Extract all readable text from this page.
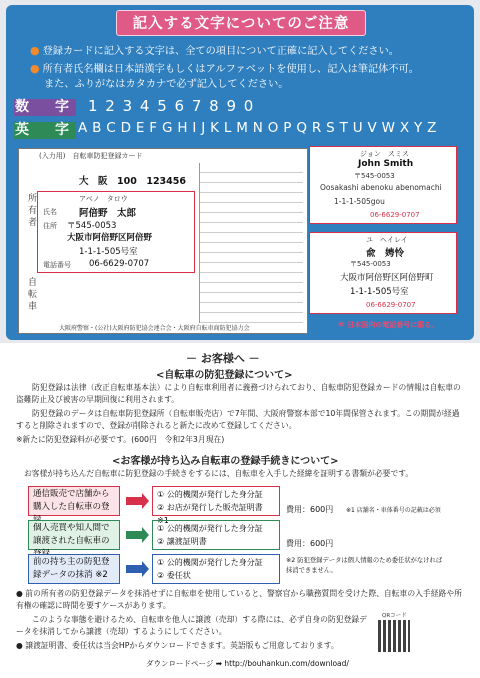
記入する文字についてのご注意
● 登録カードに記入する文字は、全ての項目について正確に記入してください。
● 所有者氏名欄は日本語漢字もしくはアルファベットを使用し、記入は筆記体不可。
また、ふりがなはカタカナで必ず記入してください。
数　字 1 2 3 4 5 6 7 8 9 0
英　字 A B C D E F G H I J K L M N O P Q R S T U V W X Y Z
(入力用)　自転車防犯登録カード
大　阪　100　123456
所有者	アベノ　タロウ
氏名 阿倍野　太郎
住所 〒545-0053
大阪市阿倍野区阿倍野
1-1-1-505号室
電話番号 06-6629-0707
自転車
大阪府警察・(公社)大阪府防犯協会連合会・大阪府自転車商防犯協力会
ジョン　スミス
John Smith
〒545-0053
Oosakashi abenoku abenomachi
1-1-1-505gou
06-6629-0707
ユ　ヘイレイ
兪　娉怜
〒545-0053
大阪市阿倍野区阿倍野町
1-1-1-505号室
06-6629-0707
※ 日本国内の電話番号に限る。
－ お客様へ －
<自転車の防犯登録について>
防犯登録は法律（改正自転車基本法）により自転車利用者に義務づけられており、自転車防犯登録カードの情報は自転車の盗難防止及び被害の早期回復に利用されます。
防犯登録のデータは自転車防犯登録所（自転車販売店）で7年間、大阪府警察本部で10年間保管されます。この期間が経過すると削除されますので、登録が削除されると新たに改めて登録してください。
※新たに防犯登録料が必要です。(600円　令和2年3月現在)
<お客様が持ち込み自転車の登録手続きについて>
お客様が持ち込んだ自転車に防犯登録の手続きをするには、自転車を入手した経緯を証明する書類が必要です。
通信販売で店舗から購入した自転車の登
① 公的機関が発行した身分証
② お店が発行した販売証明書 ※1
費用：600円 ※1 店舗名・車体番号の記載は必須
個人売買や知人間で譲渡された自転車の
① 公的機関が発行した身分証
② 譲渡証明書	費用：600円
前の持ち主の防犯登録データの抹消 ※2
① 公的機関が発行した身分証
② 委任状
※2 防犯登録データは個人情報のため委任状がなければ抹消できません。
● 前の所有者の防犯登録データを抹消せずに自転車を使用していると、警察官から職務質問を受けた際、自転車の入手経路や所有権の確認に時間を要すケースがあります。
このような事態を避けるため、自転車を他人に譲渡（売却）する際には、必ず自身の防犯登録データを抹消してから譲渡（売却）するようにしてください。
● 譲渡証明書、委任状は当会HPからダウンロードできます。英語版もご用意しております。
ダウンロードページ ➡ http://bouhankun.com/download/
QRコード
